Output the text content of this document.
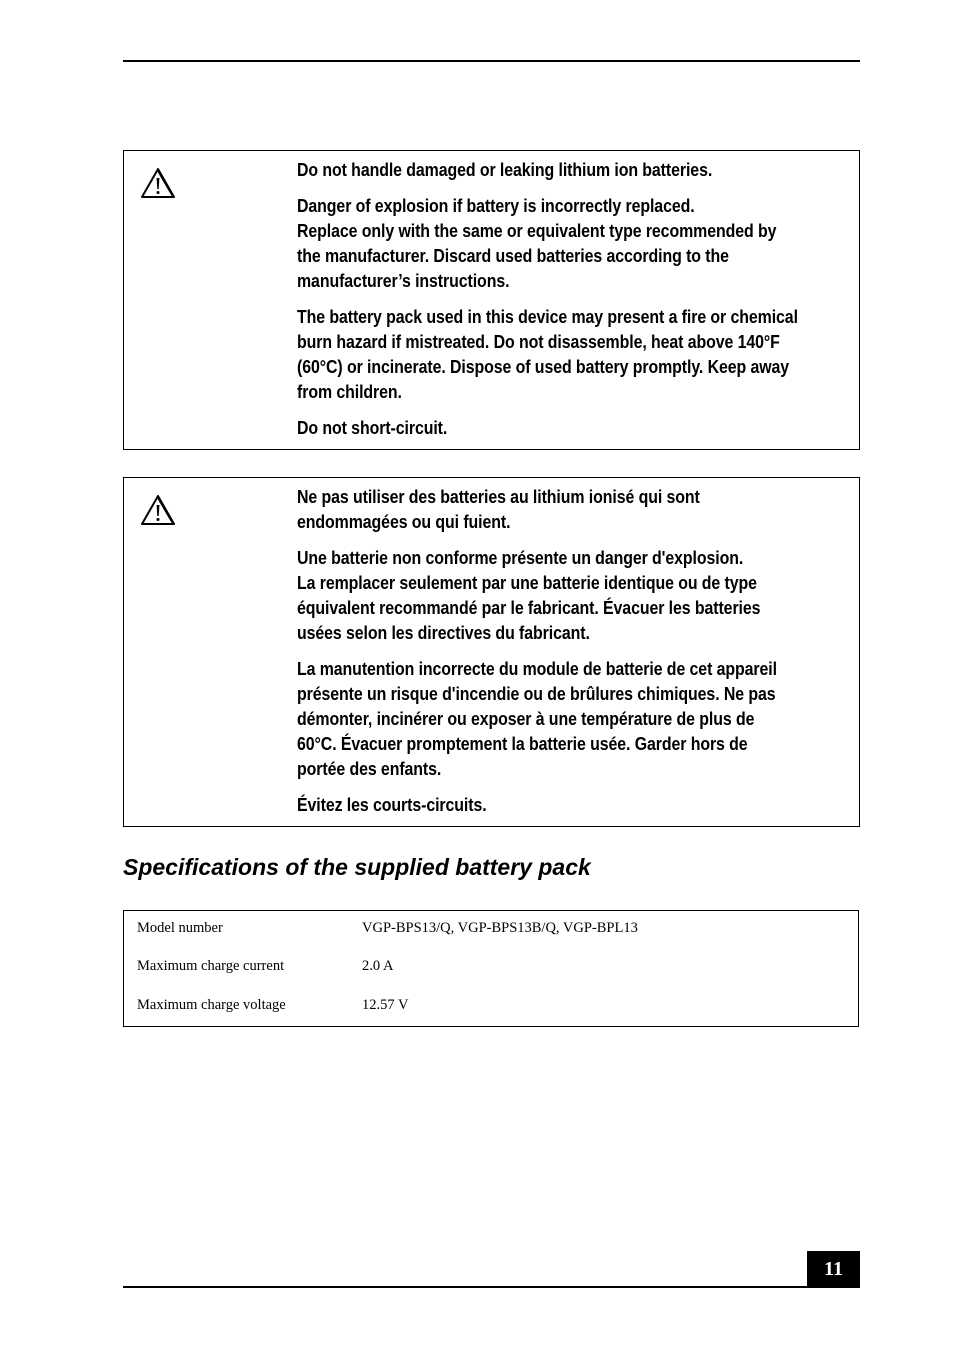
Do not handle damaged or leaking lithium ion batteries.

Danger of explosion if battery is incorrectly replaced.
Replace only with the same or equivalent type recommended by
the manufacturer. Discard used batteries according to the
manufacturer’s instructions.

The battery pack used in this device may present a fire or chemical
burn hazard if mistreated. Do not disassemble, heat above 140°F
(60°C) or incinerate. Dispose of used battery promptly. Keep away
from children.

Do not short-circuit.

Ne pas utiliser des batteries au lithium ionisé qui sont
endommagées ou qui fuient.

Une batterie non conforme présente un danger d'explosion.
La remplacer seulement par une batterie identique ou de type
équivalent recommandé par le fabricant. Évacuer les batteries
usées selon les directives du fabricant.

La manutention incorrecte du module de batterie de cet appareil
présente un risque d'incendie ou de brûlures chimiques. Ne pas
démonter, incinérer ou exposer à une température de plus de
60°C. Évacuer promptement la batterie usée. Garder hors de
portée des enfants.

Évitez les courts-circuits.

Specifications of the supplied battery pack
Model number	VGP-BPS13/Q, VGP-BPS13B/Q, VGP-BPL13
Maximum charge current	2.0 A
Maximum charge voltage	12.57 V
11
